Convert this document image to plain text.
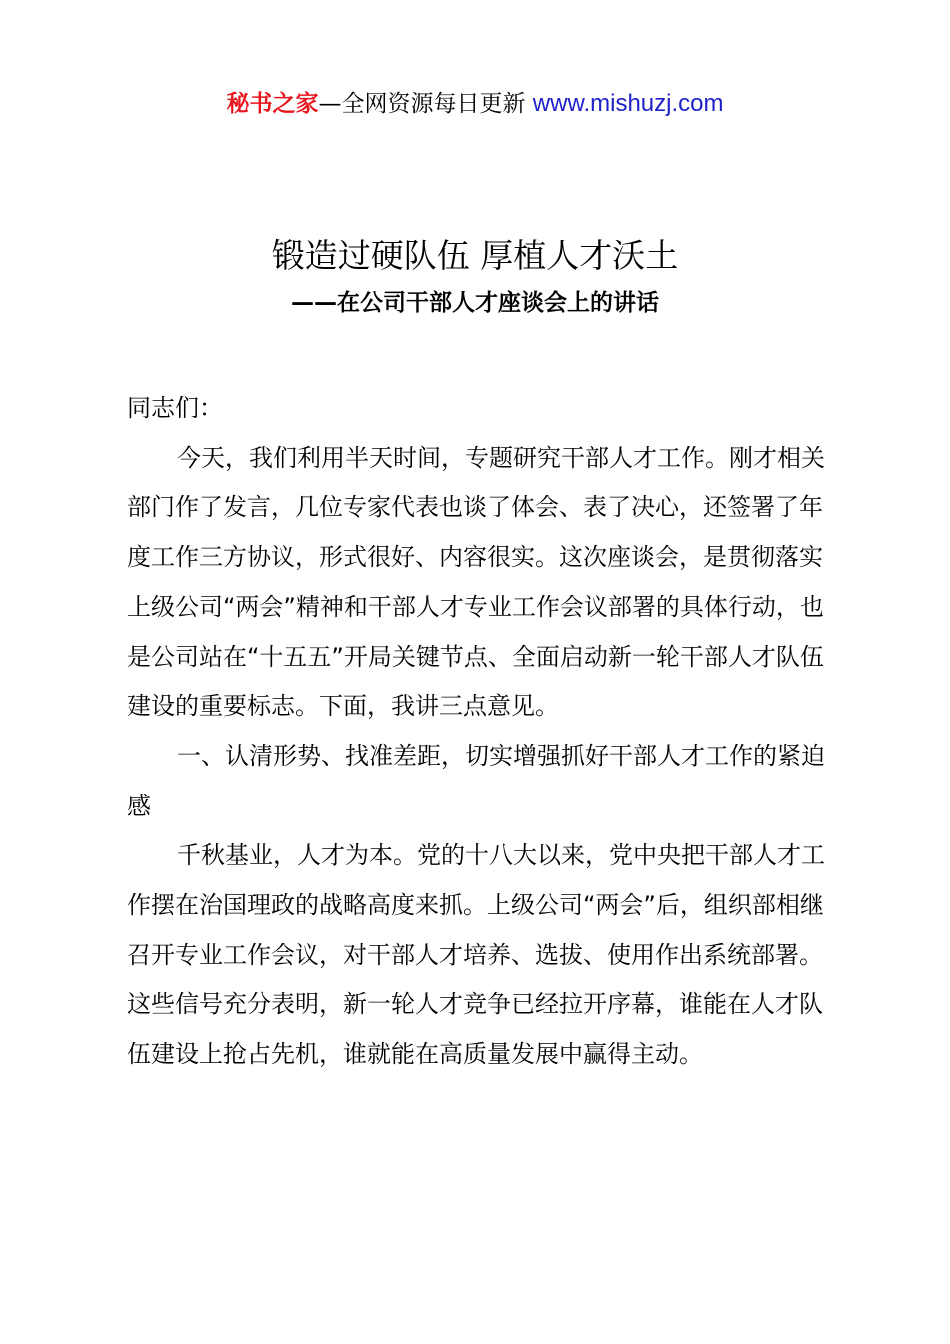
秘书之家—全网资源每日更新 www.mishuzj.com
锻造过硬队伍 厚植人才沃土
——在公司干部人才座谈会上的讲话

同志们：

今天，我们利用半天时间，专题研究干部人才工作。刚才相关部门作了发言，几位专家代表也谈了体会、表了决心，还签署了年度工作三方协议，形式很好、内容很实。这次座谈会，是贯彻落实上级公司“两会”精神和干部人才专业工作会议部署的具体行动，也是公司站在“十五五”开局关键节点、全面启动新一轮干部人才队伍建设的重要标志。下面，我讲三点意见。

一、认清形势、找准差距，切实增强抓好干部人才工作的紧迫感

千秋基业，人才为本。党的十八大以来，党中央把干部人才工作摆在治国理政的战略高度来抓。上级公司“两会”后，组织部相继召开专业工作会议，对干部人才培养、选拔、使用作出系统部署。这些信号充分表明，新一轮人才竞争已经拉开序幕，谁能在人才队伍建设上抢占先机，谁就能在高质量发展中赢得主动。
